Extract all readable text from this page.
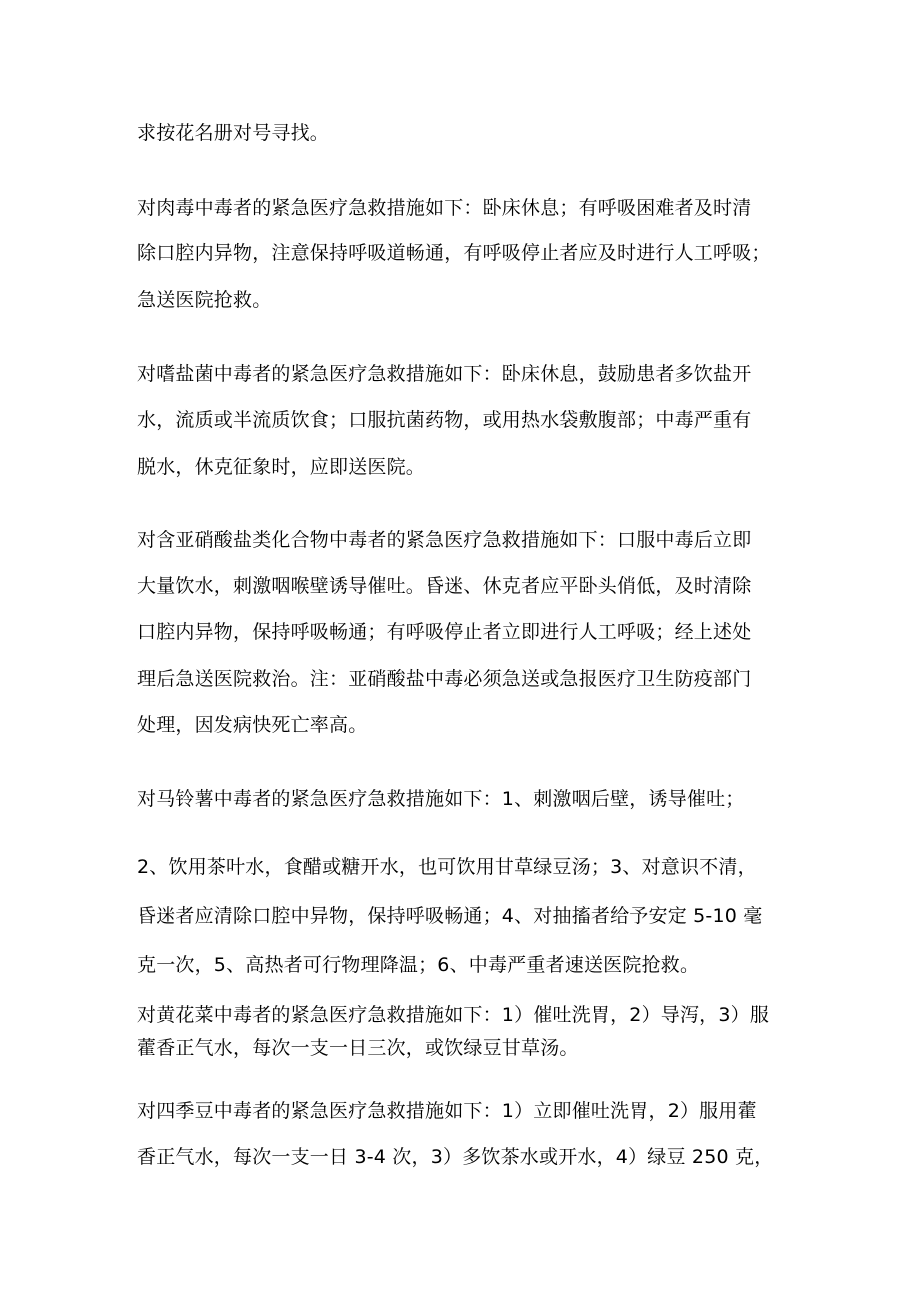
求按花名册对号寻找。
对肉毒中毒者的紧急医疗急救措施如下：卧床休息；有呼吸困难者及时清
除口腔内异物，注意保持呼吸道畅通，有呼吸停止者应及时进行人工呼吸；
急送医院抢救。
对嗜盐菌中毒者的紧急医疗急救措施如下：卧床休息，鼓励患者多饮盐开
水，流质或半流质饮食；口服抗菌药物，或用热水袋敷腹部；中毒严重有
脱水，休克征象时，应即送医院。
对含亚硝酸盐类化合物中毒者的紧急医疗急救措施如下：口服中毒后立即
大量饮水，刺激咽喉壁诱导催吐。昏迷、休克者应平卧头俏低，及时清除
口腔内异物，保持呼吸畅通；有呼吸停止者立即进行人工呼吸；经上述处
理后急送医院救治。注：亚硝酸盐中毒必须急送或急报医疗卫生防疫部门
处理，因发病快死亡率高。
对马铃薯中毒者的紧急医疗急救措施如下：1、刺激咽后壁，诱导催吐；
2、饮用茶叶水，食醋或糖开水，也可饮用甘草绿豆汤；3、对意识不清，
昏迷者应清除口腔中异物，保持呼吸畅通；4、对抽搐者给予安定 5-10 毫
克一次，5、高热者可行物理降温；6、中毒严重者速送医院抢救。
对黄花菜中毒者的紧急医疗急救措施如下：1）催吐洗胃，2）导泻，3）服
藿香正气水，每次一支一日三次，或饮绿豆甘草汤。
对四季豆中毒者的紧急医疗急救措施如下：1）立即催吐洗胃，2）服用藿
香正气水，每次一支一日 3-4 次，3）多饮茶水或开水，4）绿豆 250 克，
